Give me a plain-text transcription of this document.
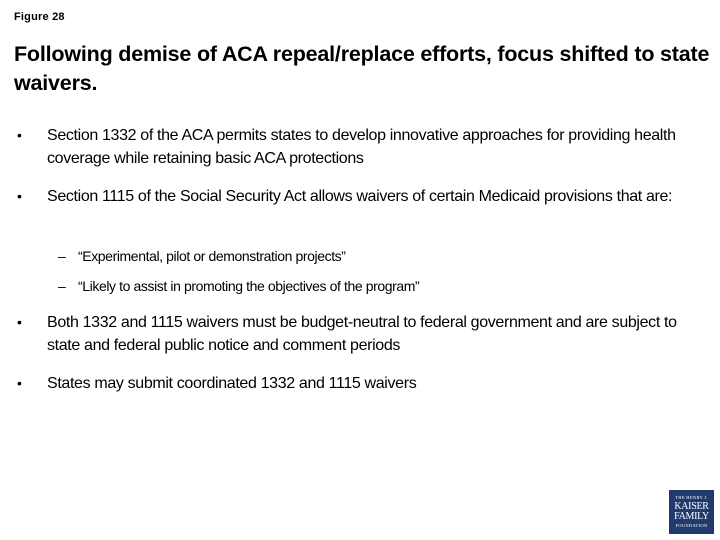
Figure 28
Following demise of ACA repeal/replace efforts, focus shifted to state waivers.
• Section 1332 of the ACA permits states to develop innovative approaches for providing health coverage while retaining basic ACA protections
• Section 1115 of the Social Security Act allows waivers of certain Medicaid provisions that are:
– “Experimental, pilot or demonstration projects”
– “Likely to assist in promoting the objectives of the program”
• Both 1332 and 1115 waivers must be budget-neutral to federal government and are subject to state and federal public notice and comment periods
• States may submit coordinated 1332 and 1115 waivers
THE HENRY J.
KAISER
FAMILY
FOUNDATION
